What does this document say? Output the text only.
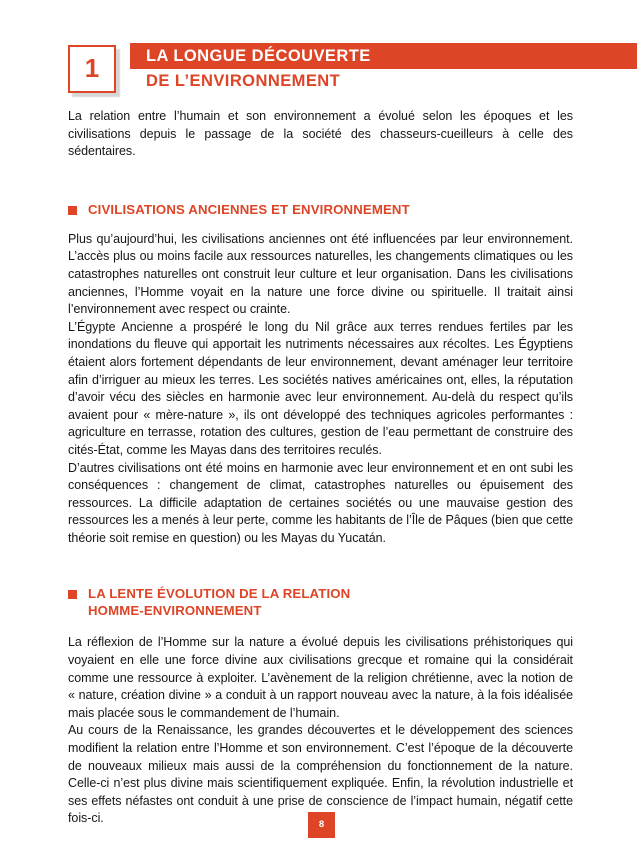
LA LONGUE DÉCOUVERTE
DE L’ENVIRONNEMENT
1

La relation entre l’humain et son environnement a évolué selon les époques et les civilisations depuis le passage de la société des chasseurs-cueilleurs à celle des sédentaires.

CIVILISATIONS ANCIENNES ET ENVIRONNEMENT

Plus qu’aujourd’hui, les civilisations anciennes ont été influencées par leur environnement. L’accès plus ou moins facile aux ressources naturelles, les changements climatiques ou les catastrophes naturelles ont construit leur culture et leur organisation. Dans les civilisations anciennes, l’Homme voyait en la nature une force divine ou spirituelle. Il traitait ainsi l’environnement avec respect ou crainte.

L’Égypte Ancienne a prospéré le long du Nil grâce aux terres rendues fertiles par les inondations du fleuve qui apportait les nutriments nécessaires aux récoltes. Les Égyptiens étaient alors fortement dépendants de leur environnement, devant aménager leur territoire afin d’irriguer au mieux les terres. Les sociétés natives américaines ont, elles, la réputation d’avoir vécu des siècles en harmonie avec leur environnement. Au-delà du respect qu’ils avaient pour « mère-nature », ils ont développé des techniques agricoles performantes : agriculture en terrasse, rotation des cultures, gestion de l’eau permettant de construire des cités-État, comme les Mayas dans des territoires reculés.

D’autres civilisations ont été moins en harmonie avec leur environnement et en ont subi les conséquences : changement de climat, catastrophes naturelles ou épuisement des ressources. La difficile adaptation de certaines sociétés ou une mauvaise gestion des ressources les a menés à leur perte, comme les habitants de l’Île de Pâques (bien que cette théorie soit remise en question) ou les Mayas du Yucatán.

LA LENTE ÉVOLUTION DE LA RELATION
HOMME-ENVIRONNEMENT

La réflexion de l’Homme sur la nature a évolué depuis les civilisations préhistoriques qui voyaient en elle une force divine aux civilisations grecque et romaine qui la considérait comme une ressource à exploiter. L’avènement de la religion chrétienne, avec la notion de « nature, création divine » a conduit à un rapport nouveau avec la nature, à la fois idéalisée mais placée sous le commandement de l’humain.

Au cours de la Renaissance, les grandes découvertes et le développement des sciences modifient la relation entre l’Homme et son environnement. C’est l’époque de la découverte de nouveaux milieux mais aussi de la compréhension du fonctionnement de la nature. Celle-ci n’est plus divine mais scientifiquement expliquée. Enfin, la révolution industrielle et ses effets néfastes ont conduit à une prise de conscience de l’impact humain, négatif cette fois-ci.	8
